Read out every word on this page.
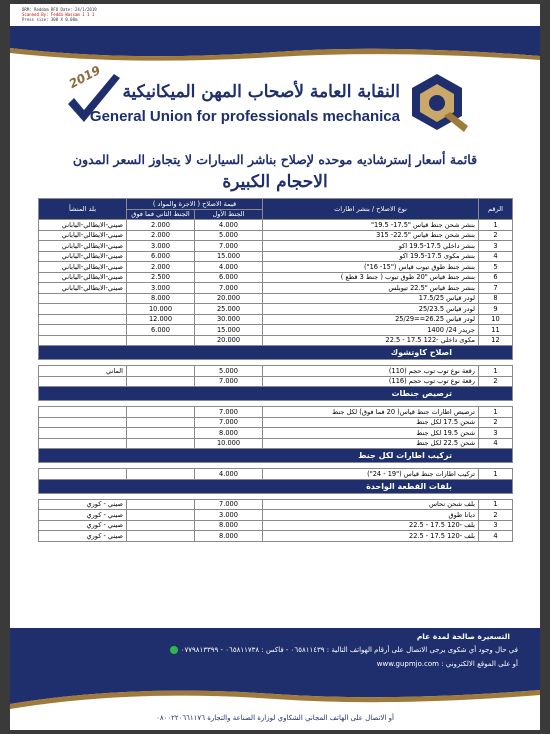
DRM: Reddam RFO Date: 24/1/2019
Scanned By: Fedda Wassam 1 1 1
Press size: 300 X 0.00m
2019
النقابة العامة لأصحاب المهن الميكانيكية
General Union for professionals mechanica
قائمة أسعار إسترشاديه موحده لإصلاح بناشر السيارات لا يتجاوز السعر المدون
الاحجام الكبيرة
الرقم	نوع الاصلاح / بنشر اطارات	قيمة الاصلاح ( الاجرة والمواد )		بلد المنشأ
		الجنط الأول	الجنط الثاني فما فوق	
1	بنشر شحن جنط قياس "17.5- 19.5"	4.000	2.000	صيني-الايطالي-الياباني
2	بنشر شحن جنط قياس "22.5- 315	5.000	2.000	صيني-الايطالي-الياباني
3	بنشر داخلي 17.5-19.5 اكو	7.000	3.000	صيني-الايطالي-الياباني
4	بنشر مكوى 17.5-19.5 اكو	15.000	6.000	صيني-الايطالي-الياباني
5	بنشر جنط طوق تيوب قياس ("15- 16")	4.000	2.000	صيني-الايطالي-الياباني
6	بنشر جنط قياس "20 طوق تيوب ( جنط 3 قطع )	6.000	2.500	صيني-الايطالي-الياباني
7	بنشر جنط قياس "22.5 تيوبلس	7.000	3.000	صيني-الايطالي-الياباني
8	لودر قياس 17.5/25	20.000	8.000	
9	لودر قياس 25/23.5	25.000	10.000	
10	لودر قياس 26.25==25/29	30.000	12.000	
11	جريدر 24/ 1400	15.000	6.000	
12	مكوى داخلي -122 17.5 - 22.5	20.000		
اصلاح كاوتشوك				

1	رقعة نوع توب توب حجم (110)	5.000		الماني
2	رقعة نوع توب توب حجم (116)	7.000		
ترصيص جنطات				

1	ترصيص اطارات جنط قياس( 20 فما فوق) لكل جنط	7.000		
2	شحن 17.5 لكل جنط	7.000		
3	شحن 19.5 لكل جنط	8.000		
4	شحن 22.5 لكل جنط	10.000		
تركيب اطارات لكل جنط				

1	تركيب اطارات جنط قياس ("19 - 24")	4.000		
بلفات القطعة الواحدة				

1	بلف شحن نحاس	7.000		صيني - كوري
2	ديانا طوق	3.000		صيني - كوري
3	بلف -120 17.5 - 22.5	8.000		صيني - كوري
4	بلف -120 17.5 - 22.5	8.000		صيني - كوري
التسعيرة صالحة لمدة عام
في حال وجود أي شكوى يرجى الاتصال على أرقام الهواتف التالية : ٠٦٥٨١١٤٣٩ - فاكس : ٠٦٥٨١١٧٣٨ - ٠٧٧٩٨١٣٣٩٩
أو على الموقع الالكتروني : www.gupmjo.com
أو الاتصال على الهاتف المجاني الشكاوي لوزارة الصناعة والتجارة ٠٨٠٠٢٢٠٦٦١١٧٦
